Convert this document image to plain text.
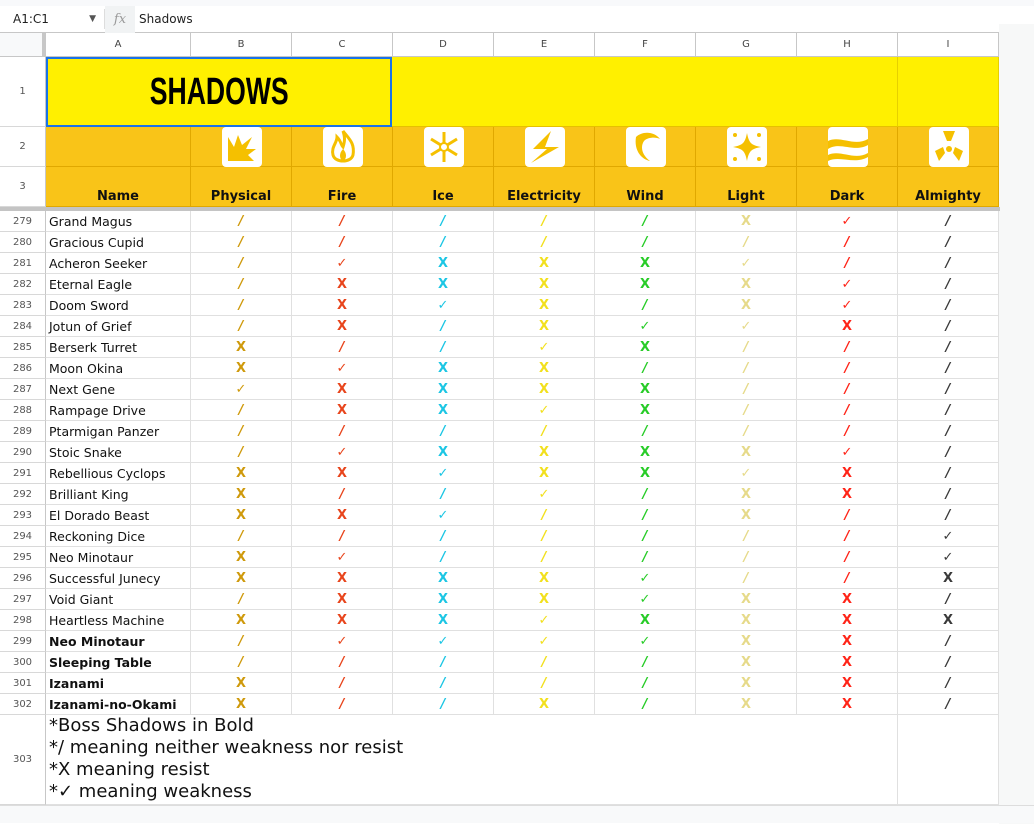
A1:C1	▼	fx	Shadows
A	B	C	D	E	F	G	H	I
1
2
3
SHADOWS
Name	Physical	Fire	Ice	Electricity	Wind	Light	Dark	Almighty
279	Grand Magus	/	/	/	/	/	X	✓	/
280	Gracious Cupid	/	/	/	/	/	/	/	/
281	Acheron Seeker	/	✓	X	X	X	✓	/	/
282	Eternal Eagle	/	X	X	X	X	X	✓	/
283	Doom Sword	/	X	✓	X	/	X	✓	/
284	Jotun of Grief	/	X	/	X	✓	✓	X	/
285	Berserk Turret	X	/	/	✓	X	/	/	/
286	Moon Okina	X	✓	X	X	/	/	/	/
287	Next Gene	✓	X	X	X	X	/	/	/
288	Rampage Drive	/	X	X	✓	X	/	/	/
289	Ptarmigan Panzer	/	/	/	/	/	/	/	/
290	Stoic Snake	/	✓	X	X	X	X	✓	/
291	Rebellious Cyclops	X	X	✓	X	X	✓	X	/
292	Brilliant King	X	/	/	✓	/	X	X	/
293	El Dorado Beast	X	X	✓	/	/	X	/	/
294	Reckoning Dice	/	/	/	/	/	/	/	✓
295	Neo Minotaur	X	✓	/	/	/	/	/	✓
296	Successful Junecy	X	X	X	X	✓	/	/	X
297	Void Giant	/	X	X	X	✓	X	X	/
298	Heartless Machine	X	X	X	✓	X	X	X	X
299	Neo Minotaur	/	✓	✓	✓	✓	X	X	/
300	Sleeping Table	/	/	/	/	/	X	X	/
301	Izanami	X	/	/	/	/	X	X	/
302	Izanami-no-Okami	X	/	/	X	/	X	X	/
303
*Boss Shadows in Bold
*/ meaning neither weakness nor resist
*X meaning resist
*✓ meaning weakness
